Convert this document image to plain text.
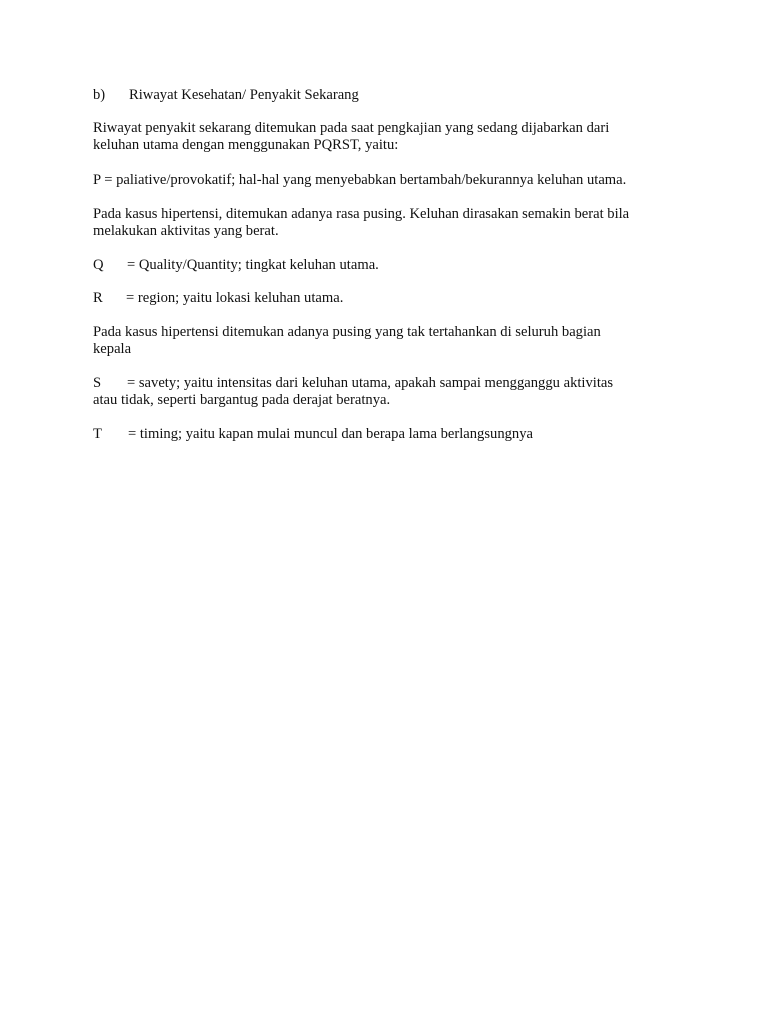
b) Riwayat Kesehatan/ Penyakit Sekarang
Riwayat penyakit sekarang ditemukan pada saat pengkajian yang sedang dijabarkan dari
keluhan utama dengan menggunakan PQRST, yaitu:
P = paliative/provokatif; hal-hal yang menyebabkan bertambah/bekurannya keluhan utama.
Pada kasus hipertensi, ditemukan adanya rasa pusing. Keluhan dirasakan semakin berat bila
melakukan aktivitas yang berat.
Q = Quality/Quantity; tingkat keluhan utama.
R = region; yaitu lokasi keluhan utama.
Pada kasus hipertensi ditemukan adanya pusing yang tak tertahankan di seluruh bagian
kepala
S = savety; yaitu intensitas dari keluhan utama, apakah sampai mengganggu aktivitas
atau tidak, seperti bargantug pada derajat beratnya.
T = timing; yaitu kapan mulai muncul dan berapa lama berlangsungnya
